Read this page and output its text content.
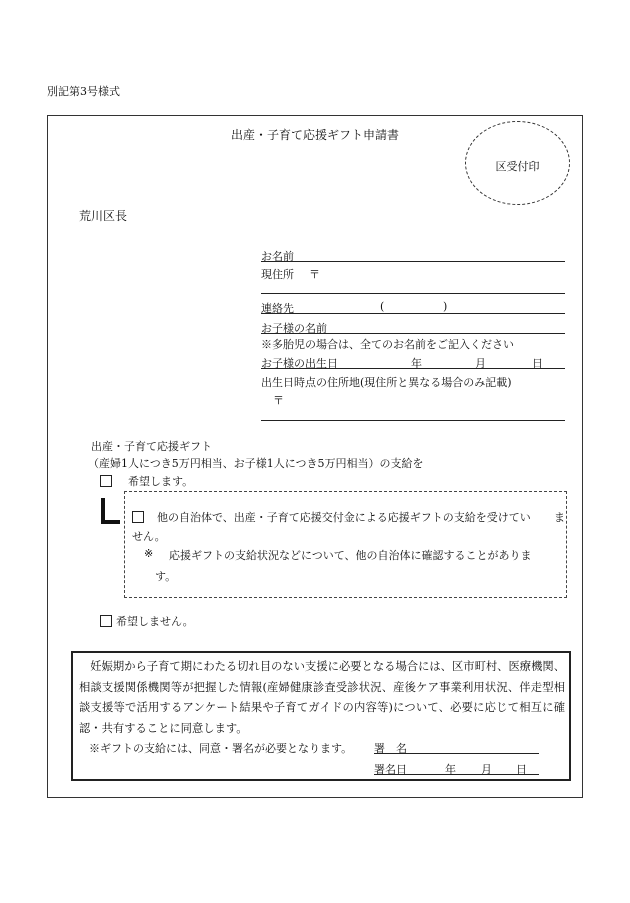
別記第3号様式
出産・子育て応援ギフト申請書
区受付印
荒川区長
お名前
現住所 〒
連絡先	(	)
お子様の名前
※多胎児の場合は、全てのお名前をご記入ください
お子様の出生日	年	月	日
出生日時点の住所地(現住所と異なる場合のみ記載)
〒
出産・子育て応援ギフト
（産婦1人につき5万円相当、お子様1人につき5万円相当）の支給を
希望します。
他の自治体で、出産・子育て応援交付金による応援ギフトの支給を受けてい ま
せん。
※ 応援ギフトの支給状況などについて、他の自治体に確認することがありま
す。
希望しません。
妊娠期から子育て期にわたる切れ目のない支援に必要となる場合には、区市町村、医療機関、相談支援関係機関等が把握した情報(産婦健康診査受診状況、産後ケア事業利用状況、伴走型相談支援等で活用するアンケート結果や子育てガイドの内容等)について、必要に応じて相互に確認・共有することに同意します。
※ギフトの支給には、同意・署名が必要となります。 署　名
署名日	年 月 日
